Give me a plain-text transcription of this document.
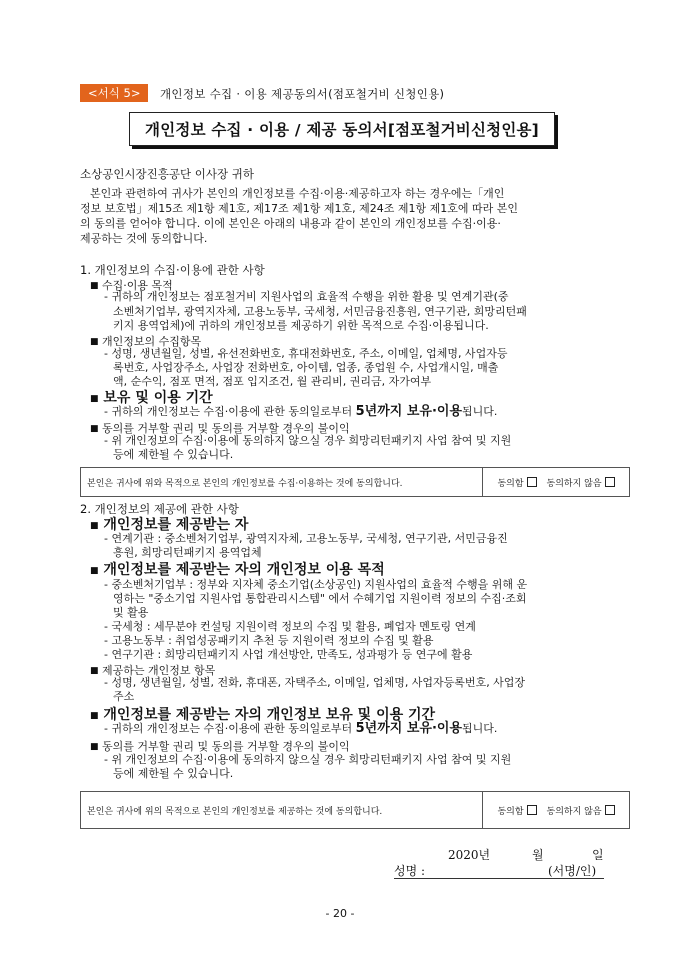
<서식 5>	개인정보 수집 · 이용 제공동의서(점포철거비 신청인용)
개인정보 수집 · 이용 / 제공 동의서[점포철거비신청인용]
소상공인시장진흥공단 이사장 귀하

본인과 관련하여 귀사가 본인의 개인정보를 수집·이용·제공하고자 하는 경우에는「개인

정보 보호법」제15조 제1항 제1호, 제17조 제1항 제1호, 제24조 제1항 제1호에 따라 본인

의 동의를 얻어야 합니다. 이에 본인은 아래의 내용과 같이 본인의 개인정보를 수집·이용·

제공하는 것에 동의합니다.

1. 개인정보의 수집·이용에 관한 사항
■ 수집·이용 목적
- 귀하의 개인정보는 점포철거비 지원사업의 효율적 수행을 위한 활용 및 연계기관(중
소벤처기업부, 광역지자체, 고용노동부, 국세청, 서민금융진흥원, 연구기관, 희망리턴패
키지 용역업체)에 귀하의 개인정보를 제공하기 위한 목적으로 수집·이용됩니다.
■ 개인정보의 수집항목
- 성명, 생년월일, 성별, 유선전화번호, 휴대전화번호, 주소, 이메일, 업체명, 사업자등
록번호, 사업장주소, 사업장 전화번호, 아이템, 업종, 종업원 수, 사업개시일, 매출
액, 순수익, 점포 면적, 점포 입지조건, 월 관리비, 권리금, 자가여부
■ 보유 및 이용 기간
- 귀하의 개인정보는 수집·이용에 관한 동의일로부터 5년까지 보유·이용됩니다.
■ 동의를 거부할 권리 및 동의를 거부할 경우의 불이익
- 위 개인정보의 수집·이용에 동의하지 않으실 경우 희망리턴패키지 사업 참여 및 지원
등에 제한될 수 있습니다.
본인은 귀사에 위와 목적으로 본인의 개인정보를 수집·이용하는 것에 동의합니다.	동의함	동의하지 않음
2. 개인정보의 제공에 관한 사항
■ 개인정보를 제공받는 자
- 연계기관 : 중소벤처기업부, 광역지자체, 고용노동부, 국세청, 연구기관, 서민금융진
흥원, 희망리턴패키지 용역업체
■ 개인정보를 제공받는 자의 개인정보 이용 목적
- 중소벤처기업부 : 정부와 지자체 중소기업(소상공인) 지원사업의 효율적 수행을 위해 운
영하는 "중소기업 지원사업 통합관리시스템" 에서 수혜기업 지원이력 정보의 수집·조회
및 활용
- 국세청 : 세무분야 컨설팅 지원이력 정보의 수집 및 활용, 폐업자 멘토링 연계
- 고용노동부 : 취업성공패키지 추천 등 지원이력 정보의 수집 및 활용
- 연구기관 : 희망리턴패키지 사업 개선방안, 만족도, 성과평가 등 연구에 활용
■ 제공하는 개인정보 항목
- 성명, 생년월일, 성별, 전화, 휴대폰, 자택주소, 이메일, 업체명, 사업자등록번호, 사업장
주소
■ 개인정보를 제공받는 자의 개인정보 보유 및 이용 기간
- 귀하의 개인정보는 수집·이용에 관한 동의일로부터 5년까지 보유·이용됩니다.
■ 동의를 거부할 권리 및 동의를 거부할 경우의 불이익
- 위 개인정보의 수집·이용에 동의하지 않으실 경우 희망리턴패키지 사업 참여 및 지원
등에 제한될 수 있습니다.
본인은 귀사에 위의 목적으로 본인의 개인정보를 제공하는 것에 동의합니다.	동의함	동의하지 않음
2020년	월	일
성명 :	(서명/인)
- 20 -
